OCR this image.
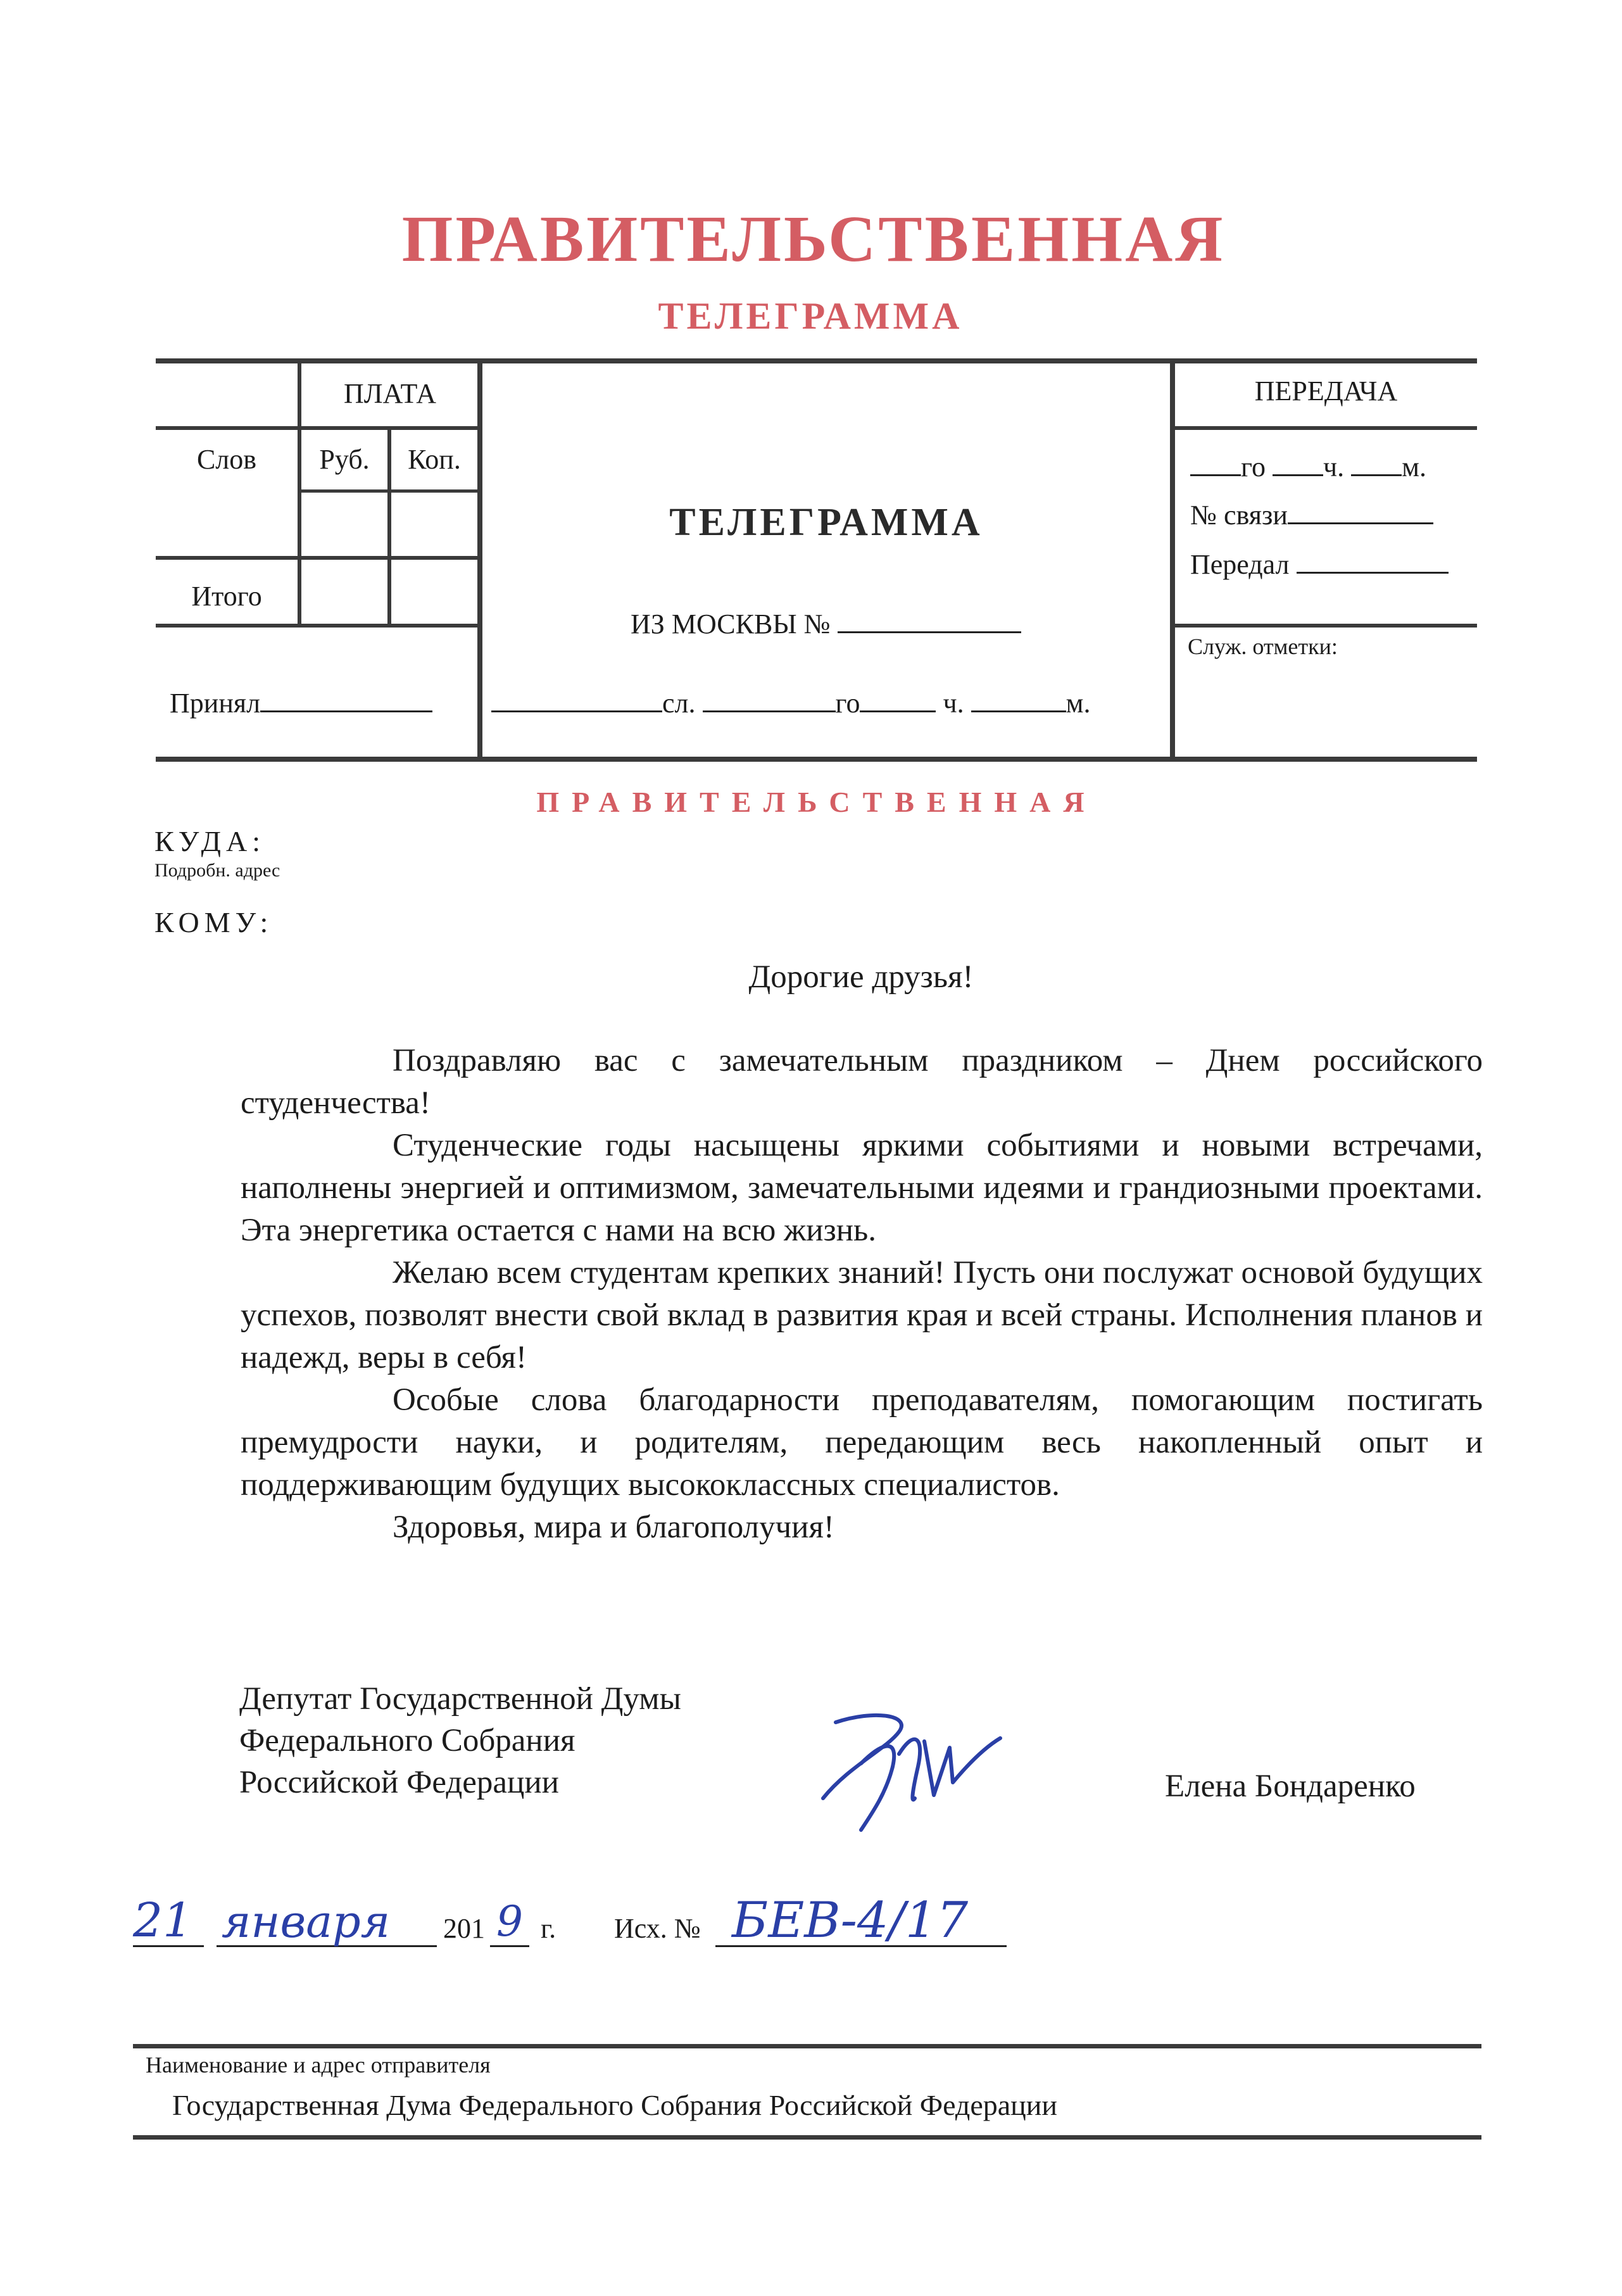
ПРАВИТЕЛЬСТВЕННАЯ
ТЕЛЕГРАММА
ПЛАТА
Слов	Руб.	Коп.
Итого
Принял
ТЕЛЕГРАММА
ИЗ МОСКВЫ №
сл.	го	ч.	м.
ПЕРЕДАЧА
го ч. м.
№ связи
Передал
Служ. отметки:
ПРАВИТЕЛЬСТВЕННАЯ
КУДА:
Подробн. адрес
КОМУ:
Дорогие друзья!

Поздравляю вас с замечательным праздником – Днем российского студенчества!

Студенческие годы насыщены яркими событиями и новыми встречами, наполнены энергией и оптимизмом, замечательными идеями и грандиозными проектами. Эта энергетика остается с нами на всю жизнь.

Желаю всем студентам крепких знаний! Пусть они послужат основой будущих успехов, позволят внести свой вклад в развития края и всей страны. Исполнения планов и надежд, веры в себя!

Особые слова благодарности преподавателям, помогающим постигать премудрости науки, и родителям, передающим весь накопленный опыт и поддерживающим будущих высококлассных специалистов.

Здоровья, мира и благополучия!

Депутат Государственной Думы
Федерального Собрания
Российской Федерации	Елена Бондаренко
21 января 201 9 г. Исх. № БЕВ-4/17
Наименование и адрес отправителя
Государственная Дума Федерального Собрания Российской Федерации
